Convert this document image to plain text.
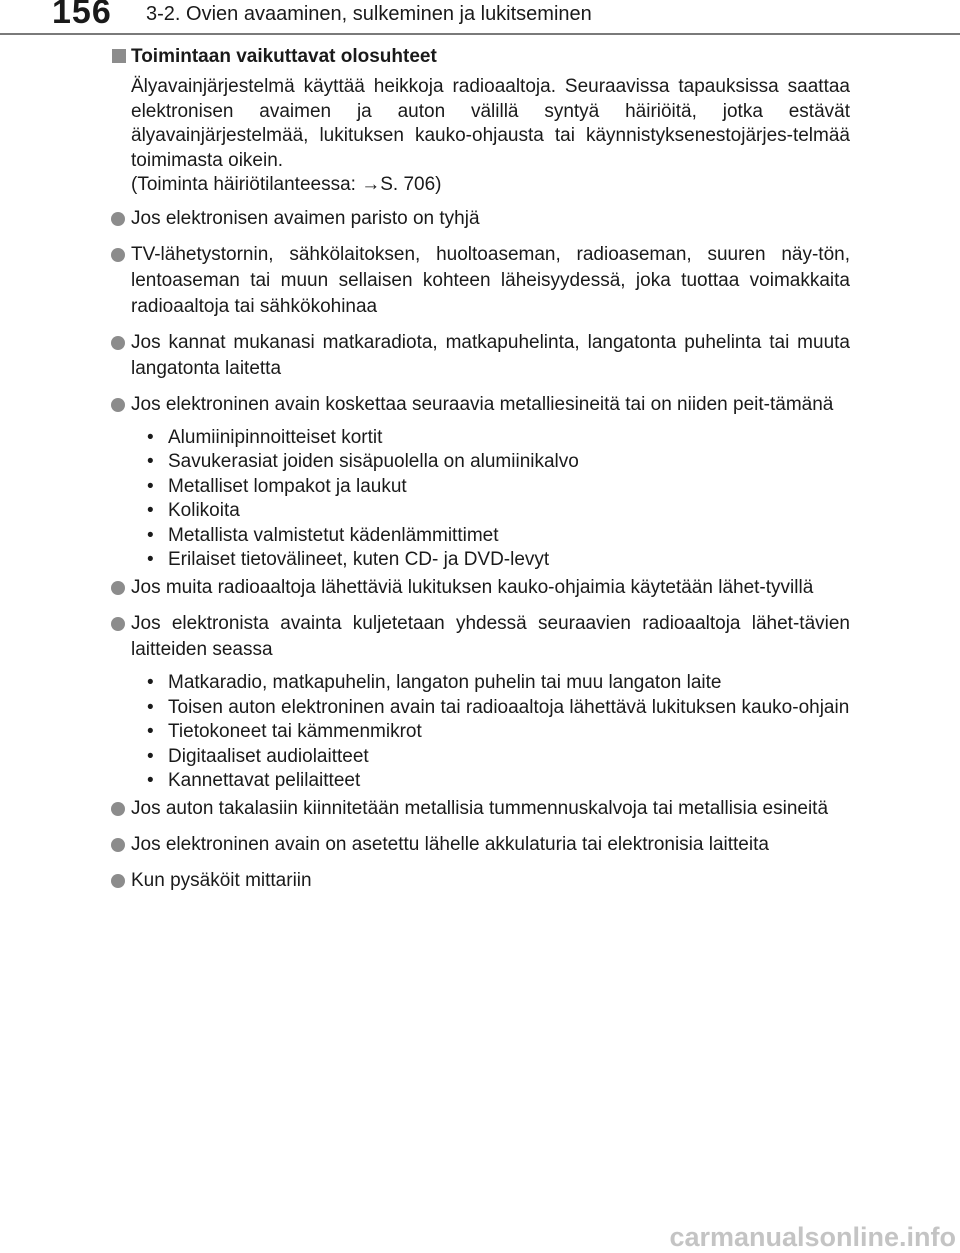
156 3-2. Ovien avaaminen, sulkeminen ja lukitseminen
Toimintaan vaikuttavat olosuhteet
Älyavainjärjestelmä käyttää heikkoja radioaaltoja. Seuraavissa tapauksissa saattaa elektronisen avaimen ja auton välillä syntyä häiriöitä, jotka estävät älyavainjärjestelmää, lukituksen kauko-ohjausta tai käynnistyksenestojärjes-telmää toimimasta oikein.
(Toiminta häiriötilanteessa: →S. 706)
Jos elektronisen avaimen paristo on tyhjä
TV-lähetystornin, sähkölaitoksen, huoltoaseman, radioaseman, suuren näy-tön, lentoaseman tai muun sellaisen kohteen läheisyydessä, joka tuottaa voimakkaita radioaaltoja tai sähkökohinaa
Jos kannat mukanasi matkaradiota, matkapuhelinta, langatonta puhelinta tai muuta langatonta laitetta
Jos elektroninen avain koskettaa seuraavia metalliesineitä tai on niiden peit-tämänä
• Alumiinipinnoitteiset kortit
• Savukerasiat joiden sisäpuolella on alumiinikalvo
• Metalliset lompakot ja laukut
• Kolikoita
• Metallista valmistetut kädenlämmittimet
• Erilaiset tietovälineet, kuten CD- ja DVD-levyt
Jos muita radioaaltoja lähettäviä lukituksen kauko-ohjaimia käytetään lähet-tyvillä
Jos elektronista avainta kuljetetaan yhdessä seuraavien radioaaltoja lähet-tävien laitteiden seassa
• Matkaradio, matkapuhelin, langaton puhelin tai muu langaton laite
• Toisen auton elektroninen avain tai radioaaltoja lähettävä lukituksen kauko-ohjain
• Tietokoneet tai kämmenmikrot
• Digitaaliset audiolaitteet
• Kannettavat pelilaitteet
Jos auton takalasiin kiinnitetään metallisia tummennuskalvoja tai metallisia esineitä
Jos elektroninen avain on asetettu lähelle akkulaturia tai elektronisia laitteita
Kun pysäköit mittariin
carmanualsonline.info
